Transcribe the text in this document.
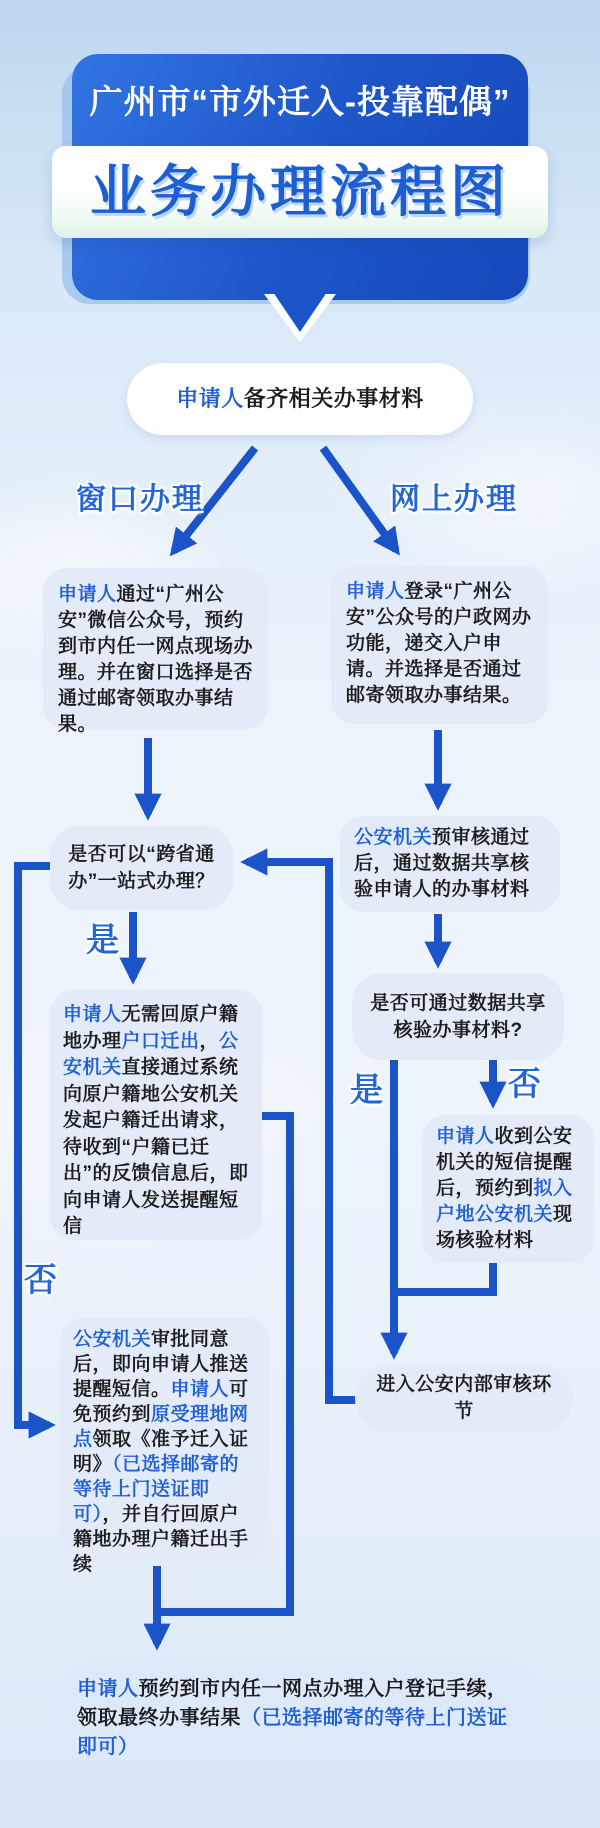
广州市“市外迁入-投靠配偶”
业务办理流程图
申请人 备齐相关办事材料
窗口办理	网上办理
申请人通过“广州公安”微信公众号，预约到市内任一网点现场办理。并在窗口选择是否通过邮寄领取办事结果。
申请人登录“广州公安”公众号的户政网办功能，递交入户申请。并选择是否通过邮寄领取办事结果。
是否可以“跨省通办”一站式办理？
公安机关预审核通过后，通过数据共享核验申请人的办事材料
是
否
是否可通过数据共享核验办事材料?
是	否
申请人无需回原户籍地办理户口迁出，公安机关直接通过系统向原户籍地公安机关发起户籍迁出请求，待收到“户籍已迁出”的反馈信息后，即向申请人发送提醒短信
申请人收到公安机关的短信提醒后，预约到拟入户地公安机关现场核验材料
进入公安内部审核环节
公安机关审批同意后，即向申请人推送提醒短信。申请人可免预约到原受理地网点领取《准予迁入证明》（已选择邮寄的等待上门送证即可），并自行回原户籍地办理户籍迁出手续
申请人预约到市内任一网点办理入户登记手续，领取最终办事结果（已选择邮寄的等待上门送证即可）
